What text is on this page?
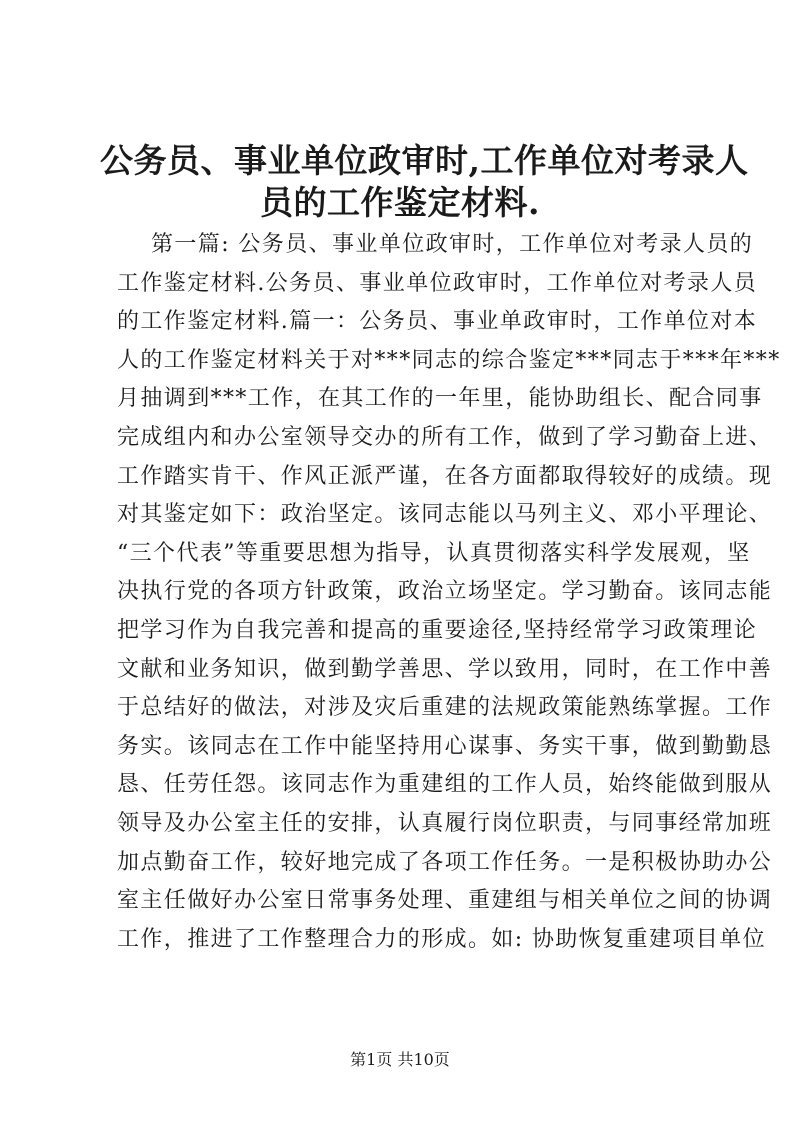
公务员、事业单位政审时,工作单位对考录人
员的工作鉴定材料.
第一篇: 公务员、事业单位政审时，工作单位对考录人员的
工作鉴定材料.公务员、事业单位政审时，工作单位对考录人员
的工作鉴定材料.篇一：公务员、事业单政审时，工作单位对本
人的工作鉴定材料关于对***同志的综合鉴定***同志于***年***
月抽调到***工作，在其工作的一年里，能协助组长、配合同事
完成组内和办公室领导交办的所有工作，做到了学习勤奋上进、
工作踏实肯干、作风正派严谨，在各方面都取得较好的成绩。现
对其鉴定如下：政治坚定。该同志能以马列主义、邓小平理论、
“三个代表”等重要思想为指导，认真贯彻落实科学发展观，坚
决执行党的各项方针政策，政治立场坚定。学习勤奋。该同志能
把学习作为自我完善和提高的重要途径,坚持经常学习政策理论
文献和业务知识，做到勤学善思、学以致用，同时，在工作中善
于总结好的做法，对涉及灾后重建的法规政策能熟练掌握。工作
务实。该同志在工作中能坚持用心谋事、务实干事，做到勤勤恳
恳、任劳任怨。该同志作为重建组的工作人员，始终能做到服从
领导及办公室主任的安排，认真履行岗位职责，与同事经常加班
加点勤奋工作，较好地完成了各项工作任务。一是积极协助办公
室主任做好办公室日常事务处理、重建组与相关单位之间的协调
工作，推进了工作整理合力的形成。如: 协助恢复重建项目单位
第1页 共10页
